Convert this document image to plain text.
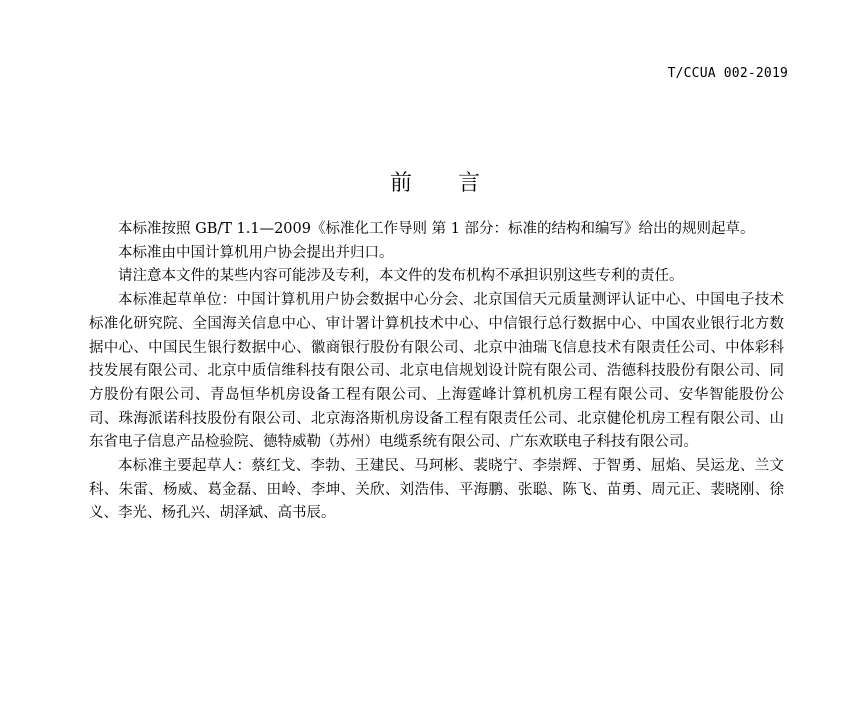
T/CCUA 002-2019
前言

本标准按照 GB/T 1.1—2009《标准化工作导则 第 1 部分：标准的结构和编写》给出的规则起草。

本标准由中国计算机用户协会提出并归口。

请注意本文件的某些内容可能涉及专利，本文件的发布机构不承担识别这些专利的责任。

本标准起草单位：中国计算机用户协会数据中心分会、北京国信天元质量测评认证中心、中国电子技术标准化研究院、全国海关信息中心、审计署计算机技术中心、中信银行总行数据中心、中国农业银行北方数据中心、中国民生银行数据中心、徽商银行股份有限公司、北京中油瑞飞信息技术有限责任公司、中体彩科技发展有限公司、北京中质信维科技有限公司、北京电信规划设计院有限公司、浩德科技股份有限公司、同方股份有限公司、青岛恒华机房设备工程有限公司、上海霆峰计算机机房工程有限公司、安华智能股份公司、珠海派诺科技股份有限公司、北京海洛斯机房设备工程有限责任公司、北京健伦机房工程有限公司、山东省电子信息产品检验院、德特威勒（苏州）电缆系统有限公司、广东欢联电子科技有限公司。

本标准主要起草人：蔡红戈、李勃、王建民、马珂彬、裴晓宁、李崇辉、于智勇、屈焰、吴运龙、兰文科、朱雷、杨威、葛金磊、田岭、李坤、关欣、刘浩伟、平海鹏、张聪、陈飞、苗勇、周元正、裴晓刚、徐义、李光、杨孔兴、胡泽斌、高书辰。
